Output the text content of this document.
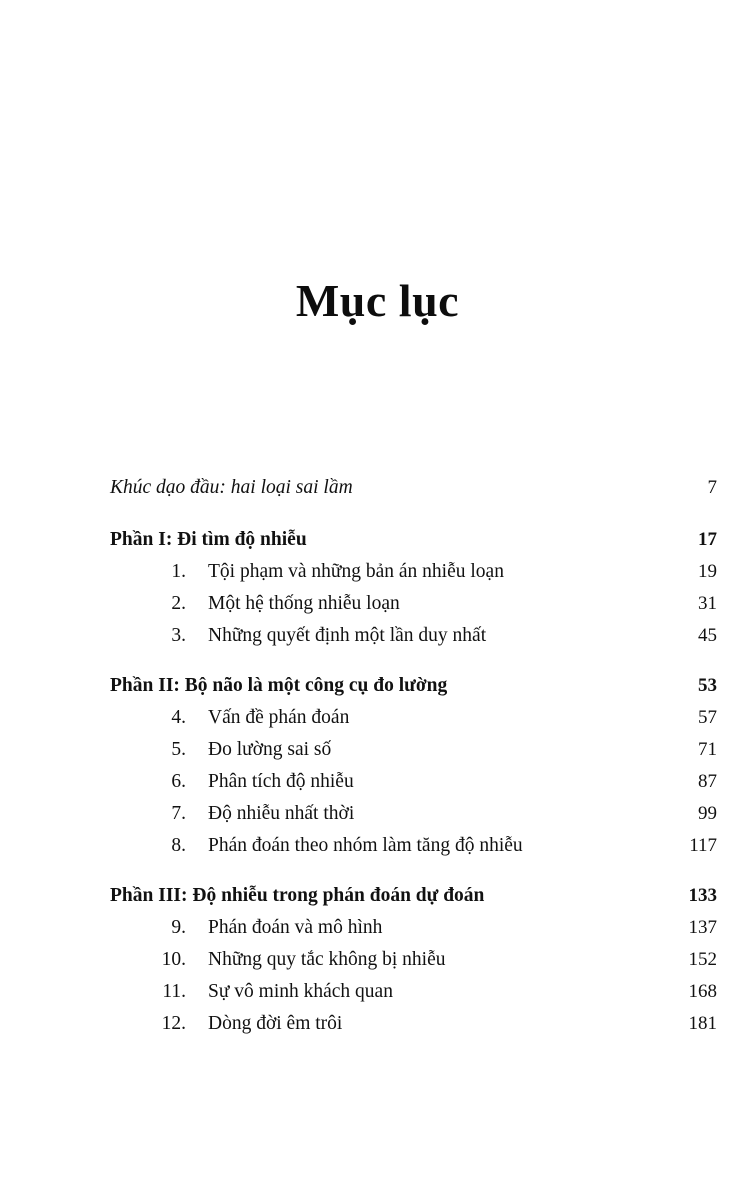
Mục lục
Khúc dạo đầu: hai loại sai lầm	7
Phần I: Đi tìm độ nhiễu	17
1.	Tội phạm và những bản án nhiễu loạn	19
2.	Một hệ thống nhiễu loạn	31
3.	Những quyết định một lần duy nhất	45
Phần II: Bộ não là một công cụ đo lường	53
4.	Vấn đề phán đoán	57
5.	Đo lường sai số	71
6.	Phân tích độ nhiễu	87
7.	Độ nhiễu nhất thời	99
8.	Phán đoán theo nhóm làm tăng độ nhiễu	117
Phần III: Độ nhiễu trong phán đoán dự đoán	133
9.	Phán đoán và mô hình	137
10.	Những quy tắc không bị nhiễu	152
11.	Sự vô minh khách quan	168
12.	Dòng đời êm trôi	181
